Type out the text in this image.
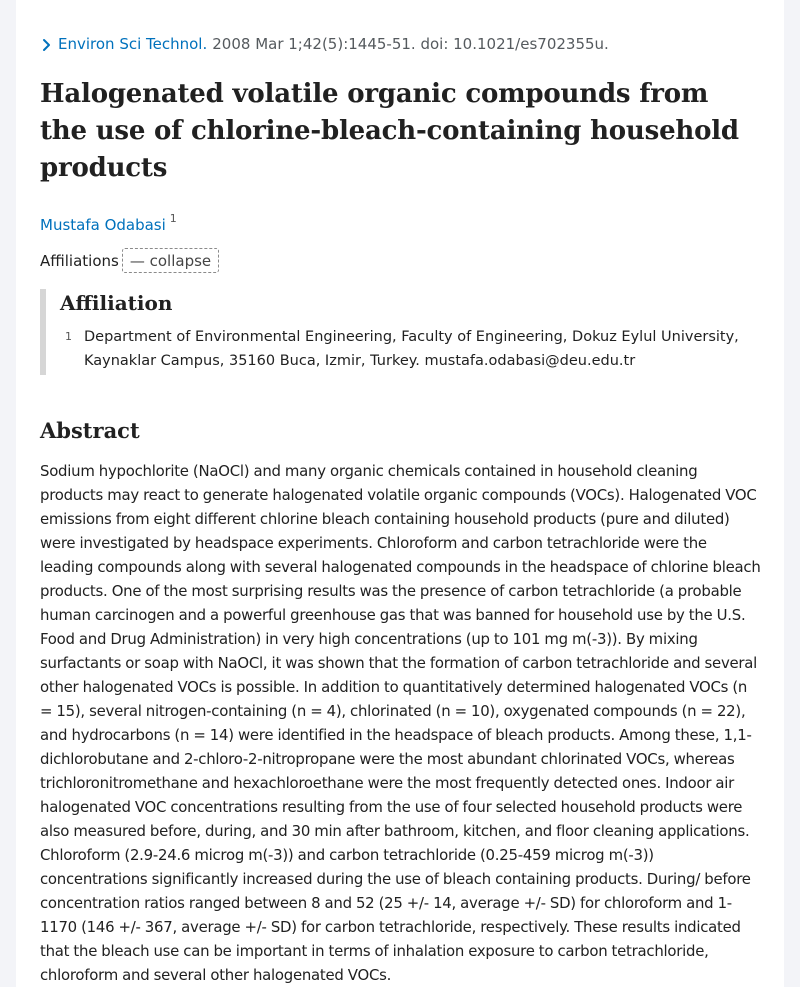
Environ Sci Technol. 2008 Mar 1;42(5):1445-51. doi: 10.1021/es702355u.
Halogenated volatile organic compounds from the use of chlorine-bleach-containing household products
Mustafa Odabasi $^1$
Affiliations — collapse
Affiliation
1 Department of Environmental Engineering, Faculty of Engineering, Dokuz Eylul University, Kaynaklar Campus, 35160 Buca, Izmir, Turkey. mustafa.odabasi@deu.edu.tr
Abstract
Sodium hypochlorite (NaOCl) and many organic chemicals contained in household cleaning products may react to generate halogenated volatile organic compounds (VOCs). Halogenated VOC emissions from eight different chlorine bleach containing household products (pure and diluted) were investigated by headspace experiments. Chloroform and carbon tetrachloride were the leading compounds along with several halogenated compounds in the headspace of chlorine bleach products. One of the most surprising results was the presence of carbon tetrachloride (a probable human carcinogen and a powerful greenhouse gas that was banned for household use by the U.S. Food and Drug Administration) in very high concentrations (up to 101 mg m(-3)). By mixing surfactants or soap with NaOCl, it was shown that the formation of carbon tetrachloride and several other halogenated VOCs is possible. In addition to quantitatively determined halogenated VOCs (n = 15), several nitrogen-containing (n = 4), chlorinated (n = 10), oxygenated compounds (n = 22), and hydrocarbons (n = 14) were identified in the headspace of bleach products. Among these, 1,1-dichlorobutane and 2-chloro-2-nitropropane were the most abundant chlorinated VOCs, whereas trichloronitromethane and hexachloroethane were the most frequently detected ones. Indoor air halogenated VOC concentrations resulting from the use of four selected household products were also measured before, during, and 30 min after bathroom, kitchen, and floor cleaning applications. Chloroform (2.9-24.6 microg m(-3)) and carbon tetrachloride (0.25-459 microg m(-3)) concentrations significantly increased during the use of bleach containing products. During/ before concentration ratios ranged between 8 and 52 (25 +/- 14, average +/- SD) for chloroform and 1-1170 (146 +/- 367, average +/- SD) for carbon tetrachloride, respectively. These results indicated that the bleach use can be important in terms of inhalation exposure to carbon tetrachloride, chloroform and several other halogenated VOCs.
